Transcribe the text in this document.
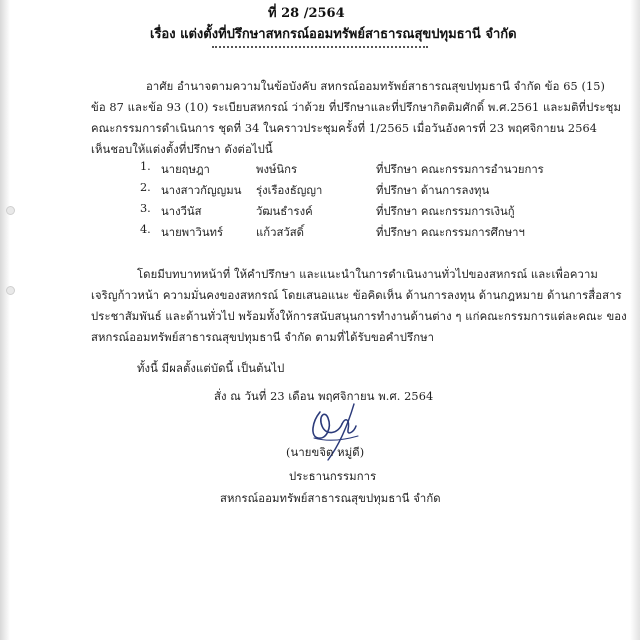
ที่ 28 /2564
เรื่อง แต่งตั้งที่ปรึกษาสหกรณ์ออมทรัพย์สาธารณสุขปทุมธานี จำกัด
อาศัย อำนาจตามความในข้อบังคับ สหกรณ์ออมทรัพย์สาธารณสุขปทุมธานี จำกัด ข้อ 65 (15)
ข้อ 87 และข้อ 93 (10) ระเบียบสหกรณ์ ว่าด้วย ที่ปรึกษาและที่ปรึกษากิตติมศักดิ์ พ.ศ.2561 และมติที่ประชุม
คณะกรรมการดำเนินการ ชุดที่ 34 ในคราวประชุมครั้งที่ 1/2565 เมื่อวันอังคารที่ 23 พฤศจิกายน 2564
เห็นชอบให้แต่งตั้งที่ปรึกษา ดังต่อไปนี้
1. นายฤษฎา	พงษ์นิกร	ที่ปรึกษา คณะกรรมการอำนวยการ
2. นางสาวกัญญมน รุ่งเรืองธัญญา	ที่ปรึกษา ด้านการลงทุน
3. นางวีนัส	วัฒนธำรงค์	ที่ปรึกษา คณะกรรมการเงินกู้
4. นายพาวินทร์	แก้วสวัสดิ์	ที่ปรึกษา คณะกรรมการศึกษาฯ
โดยมีบทบาทหน้าที่ ให้คำปรึกษา และแนะนำในการดำเนินงานทั่วไปของสหกรณ์ และเพื่อความ
เจริญก้าวหน้า ความมั่นคงของสหกรณ์ โดยเสนอแนะ ข้อคิดเห็น ด้านการลงทุน ด้านกฎหมาย ด้านการสื่อสาร
ประชาสัมพันธ์ และด้านทั่วไป พร้อมทั้งให้การสนับสนุนการทำงานด้านต่าง ๆ แก่คณะกรรมการแต่ละคณะ ของ
สหกรณ์ออมทรัพย์สาธารณสุขปทุมธานี จำกัด ตามที่ได้รับขอคำปรึกษา
ทั้งนี้ มีผลตั้งแต่บัดนี้ เป็นต้นไป
สั่ง ณ วันที่ 23 เดือน พฤศจิกายน พ.ศ. 2564
(นายขจิต หมู่ดี)
ประธานกรรมการ
สหกรณ์ออมทรัพย์สาธารณสุขปทุมธานี จำกัด
